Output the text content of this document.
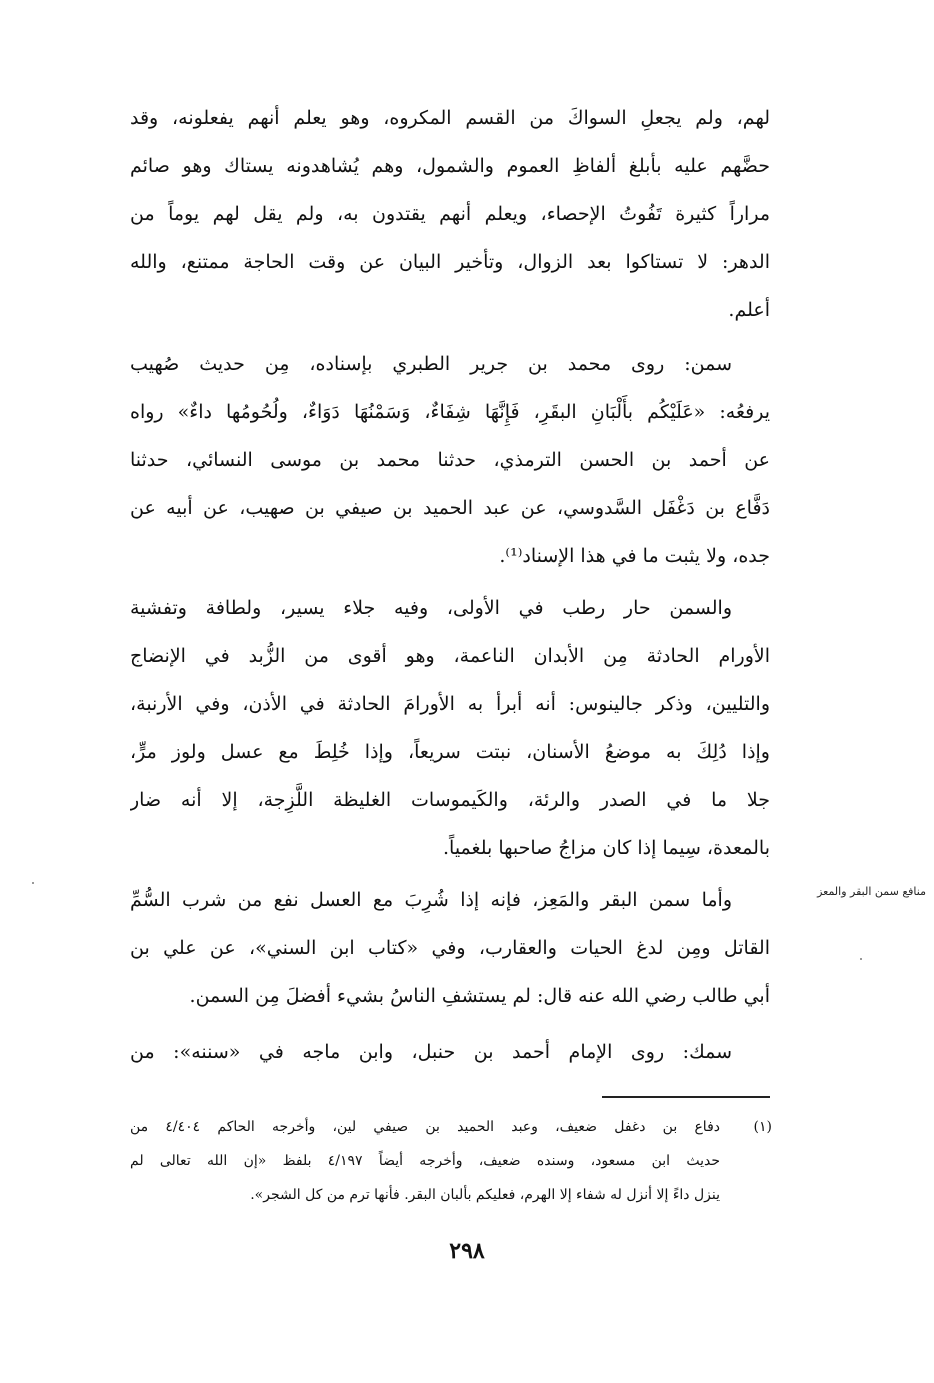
لهم، ولم يجعلِ السواكَ من القسم المكروه، وهو يعلم أنهم يفعلونه، وقد
حضَّهم عليه بأبلغ ألفاظِ العموم والشمول، وهم يُشاهدونه يستاك وهو صائم
مراراً كثيرة تَفُوتُ الإحصاء، ويعلم أنهم يقتدون به، ولم يقل لهم يوماً من
الدهر: لا تستاكوا بعد الزوال، وتأخير البيان عن وقت الحاجة ممتنع، والله
أعلم.
سمن: روى محمد بن جرير الطبري بإسناده، مِن حديث صُهيب
يرفعُه: «عَلَيْكُم بأَلْبَانِ البقَرِ، فَإِنَّهَا شِفَاءٌ، وَسَمْنُهَا دَوَاءٌ، ولُحُومُها داءٌ» رواه
عن أحمد بن الحسن الترمذي، حدثنا محمد بن موسى النسائي، حدثنا
دَفَّاع بن دَغْفَل السَّدوسي، عن عبد الحميد بن صيفي بن صهيب، عن أبيه عن
جده، ولا يثبت ما في هذا الإسناد⁽¹⁾.
والسمن حار رطب في الأولى، وفيه جلاء يسير، ولطافة وتفشية
الأورام الحادثة مِن الأبدان الناعمة، وهو أقوى من الزُّبد في الإنضاج
والتليين، وذكر جالينوس: أنه أبرأ به الأورامَ الحادثة في الأذن، وفي الأرنبة،
وإذا دُلِكَ به موضعُ الأسنان، نبتت سريعاً، وإذا خُلِطَ مع عسل ولوز مرٍّ،
جلا ما في الصدر والرئة، والكَيموسات الغليظة اللَّزِجة، إلا أنه ضار
بالمعدة، سِيما إذا كان مزاجُ صاحبها بلغمياً.
منافع سمن البقر والمعز
وأما سمن البقر والمَعِز، فإنه إذا شُرِبَ مع العسل نفع من شرب السُّمِّ
القاتل ومِن لدغ الحيات والعقارب، وفي «كتاب ابن السني»، عن علي بن
أبي طالب رضي الله عنه قال: لم يستشفِ الناسُ بشيء أفضلَ مِن السمن.
سمك: روى الإمام أحمد بن حنبل، وابن ماجه في «سننه»: من
(١)
دفاع بن دغفل ضعيف، وعبد الحميد بن صيفي لين، وأخرجه الحاكم ٤/٤٠٤ من
حديث ابن مسعود، وسنده ضعيف، وأخرجه أيضاً ٤/١٩٧ بلفظ «إن الله تعالى لم
ينزل داءً إلا أنزل له شفاء إلا الهرم، فعليكم بألبان البقر. فأنها ترم من كل الشجر».
٢٩٨
